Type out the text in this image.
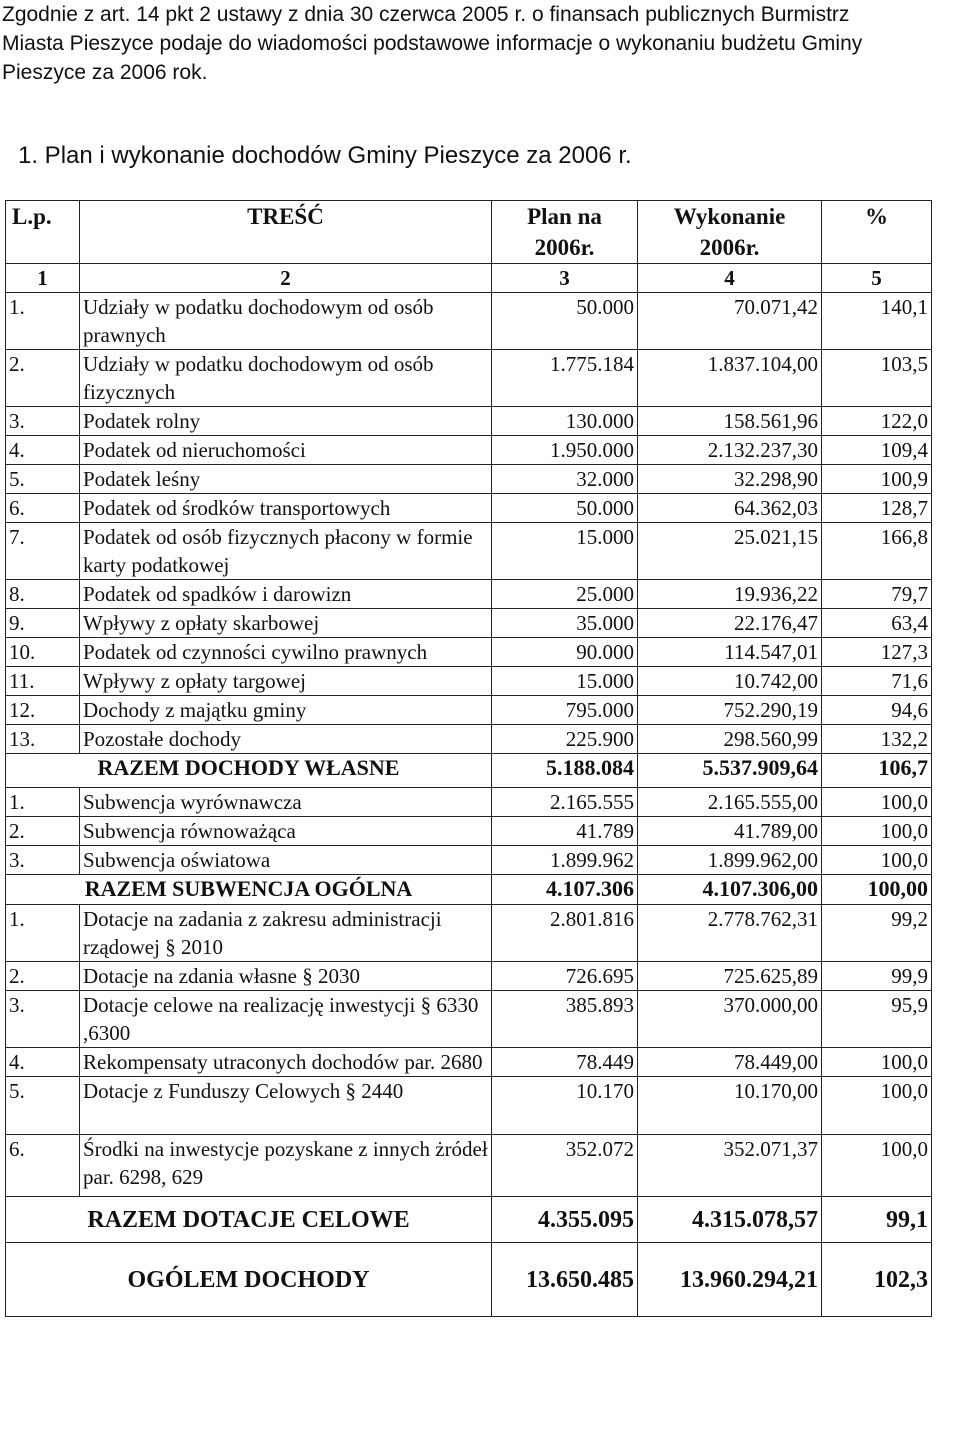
Zgodnie z art. 14 pkt 2 ustawy z dnia 30 czerwca 2005 r. o finansach publicznych Burmistrz
Miasta Pieszyce podaje do wiadomości podstawowe informacje o wykonaniu budżetu Gminy
Pieszyce za 2006 rok.
1. Plan i wykonanie dochodów Gminy Pieszyce za 2006 r.
L.p.	TREŚĆ	Plan na 2006r.	Wykonanie 2006r.	%
1	2	3	4	5
1.	Udziały w podatku dochodowym od osób prawnych	50.000	70.071,42	140,1
2.	Udziały w podatku dochodowym od osób fizycznych	1.775.184	1.837.104,00	103,5
3.	Podatek rolny	130.000	158.561,96	122,0
4.	Podatek od nieruchomości	1.950.000	2.132.237,30	109,4
5.	Podatek leśny	32.000	32.298,90	100,9
6.	Podatek od środków transportowych	50.000	64.362,03	128,7
7.	Podatek od osób fizycznych płacony w formie karty podatkowej	15.000	25.021,15	166,8
8.	Podatek od spadków i darowizn	25.000	19.936,22	79,7
9.	Wpływy z opłaty skarbowej	35.000	22.176,47	63,4
10.	Podatek od czynności cywilno prawnych	90.000	114.547,01	127,3
11.	Wpływy z opłaty targowej	15.000	10.742,00	71,6
12.	Dochody z majątku gminy	795.000	752.290,19	94,6
13.	Pozostałe dochody	225.900	298.560,99	132,2
RAZEM DOCHODY WŁASNE		5.188.084	5.537.909,64	106,7
1.	Subwencja wyrównawcza	2.165.555	2.165.555,00	100,0
2.	Subwencja równoważąca	41.789	41.789,00	100,0
3.	Subwencja oświatowa	1.899.962	1.899.962,00	100,0
RAZEM SUBWENCJA OGÓLNA		4.107.306	4.107.306,00	100,00
1.	Dotacje na zadania z zakresu administracji rządowej § 2010	2.801.816	2.778.762,31	99,2
2.	Dotacje na zdania własne § 2030	726.695	725.625,89	99,9
3.	Dotacje celowe na realizację inwestycji § 6330 ,6300	385.893	370.000,00	95,9
4.	Rekompensaty utraconych dochodów par. 2680	78.449	78.449,00	100,0
5.	Dotacje z Funduszy Celowych § 2440	10.170	10.170,00	100,0
6.	Środki na inwestycje pozyskane z innych żródeł par. 6298, 629	352.072	352.071,37	100,0
RAZEM DOTACJE CELOWE		4.355.095	4.315.078,57	99,1
OGÓLEM DOCHODY		13.650.485	13.960.294,21	102,3
